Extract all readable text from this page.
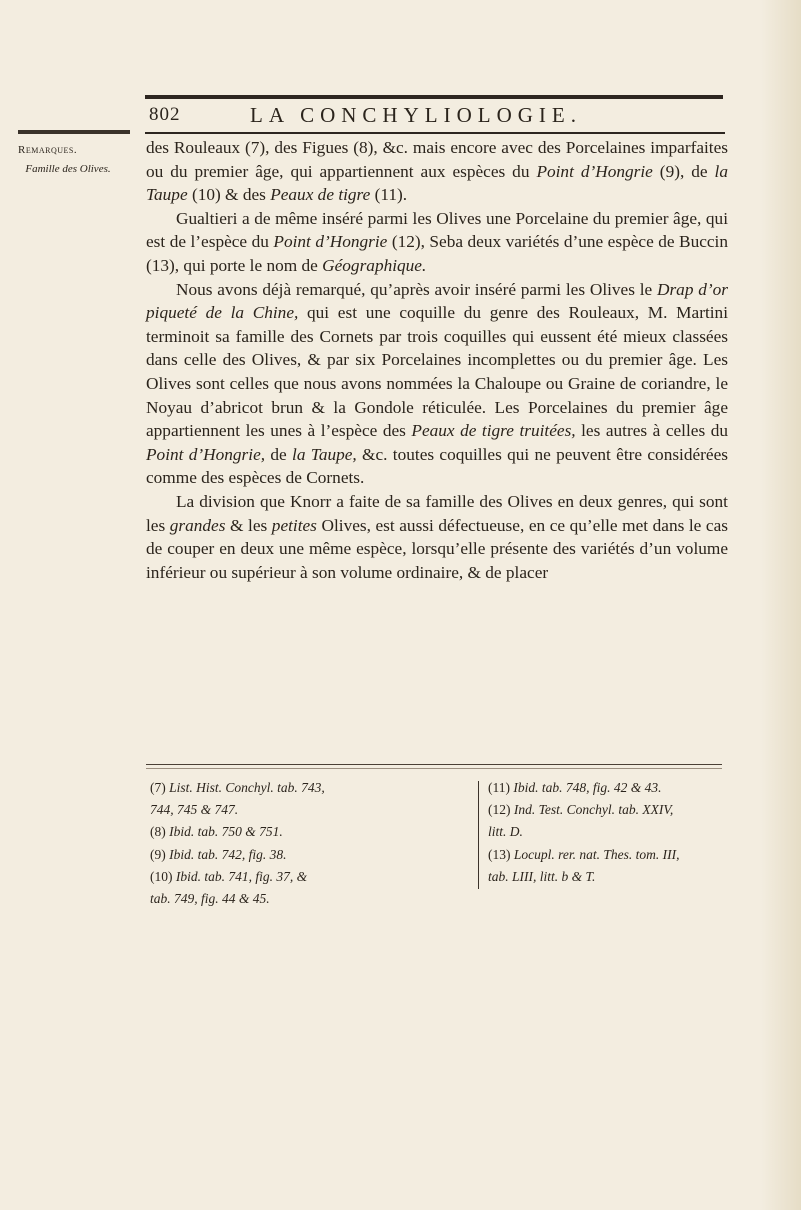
802	LA CONCHYLIOLOGIE.
Remarques.
Famille des Olives.

des Rouleaux (7), des Figues (8), &c. mais encore avec des Porcelaines imparfaites ou du premier âge, qui appartiennent aux espèces du Point d’Hongrie (9), de la Taupe (10) & des Peaux de tigre (11).

Gualtieri a de même inséré parmi les Olives une Porcelaine du premier âge, qui est de l’espèce du Point d’Hongrie (12), Seba deux variétés d’une espèce de Buccin (13), qui porte le nom de Géographique.

Nous avons déjà remarqué, qu’après avoir inséré parmi les Olives le Drap d’or piqueté de la Chine, qui est une coquille du genre des Rouleaux, M. Martini terminoit sa famille des Cornets par trois coquilles qui eussent été mieux classées dans celle des Olives, & par six Porcelaines incomplettes ou du premier âge. Les Olives sont celles que nous avons nommées la Chaloupe ou Graine de coriandre, le Noyau d’abricot brun & la Gondole réticulée. Les Porcelaines du premier âge appartiennent les unes à l’espèce des Peaux de tigre truitées, les autres à celles du Point d’Hongrie, de la Taupe, &c. toutes coquilles qui ne peuvent être considérées comme des espèces de Cornets.

La division que Knorr a faite de sa famille des Olives en deux genres, qui sont les grandes & les petites Olives, est aussi défectueuse, en ce qu’elle met dans le cas de couper en deux une même espèce, lorsqu’elle présente des variétés d’un volume inférieur ou supérieur à son volume ordinaire, & de placer

(7) List. Hist. Conchyl. tab. 743,
744, 745 & 747.
(8) Ibid. tab. 750 & 751.
(9) Ibid. tab. 742, fig. 38.
(10) Ibid. tab. 741, fig. 37, &
tab. 749, fig. 44 & 45.
(11) Ibid. tab. 748, fig. 42 & 43.
(12) Ind. Test. Conchyl. tab. XXIV,
litt. D.
(13) Locupl. rer. nat. Thes. tom. III,
tab. LIII, litt. b & T.
